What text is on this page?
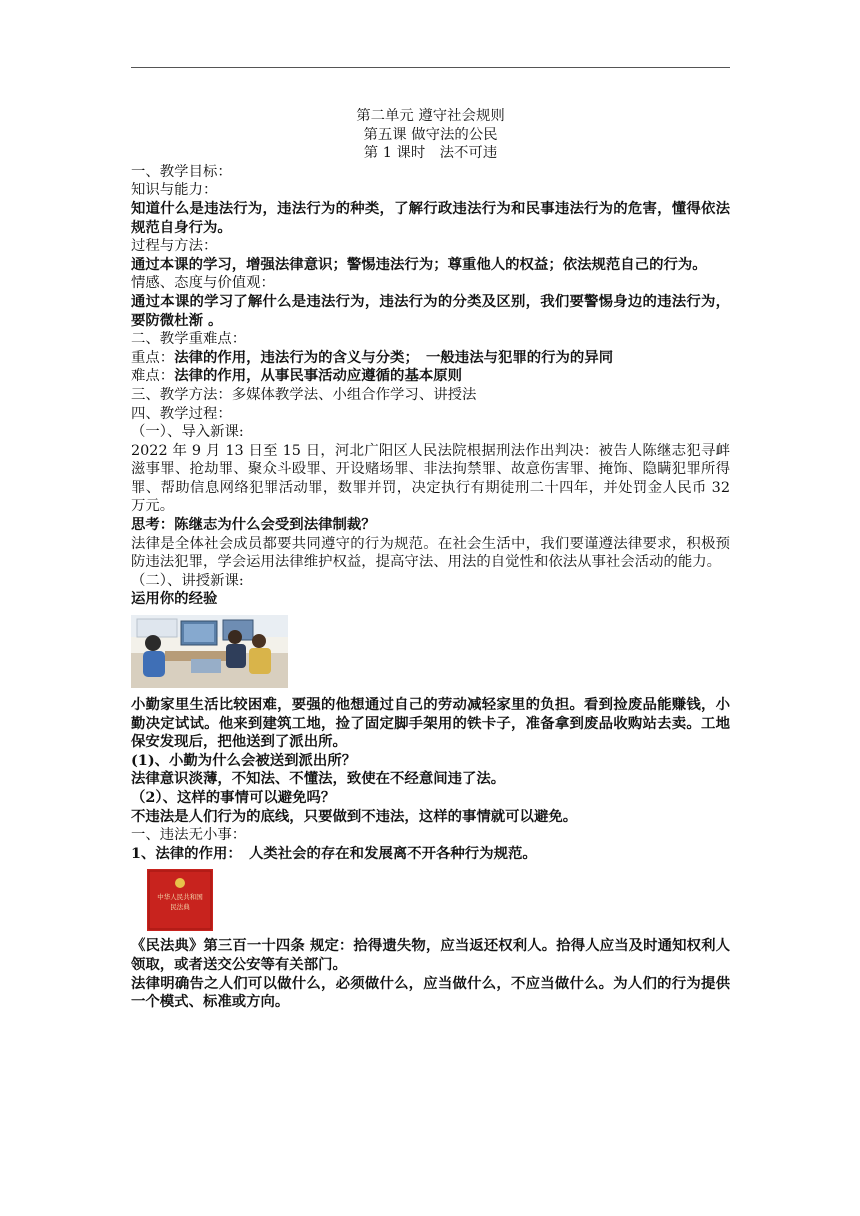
第二单元 遵守社会规则

第五课 做守法的公民

第 1 课时　法不可违

一、教学目标：

知识与能力：

知道什么是违法行为，违法行为的种类，了解行政违法行为和民事违法行为的危害，懂得依法规范自身行为。

过程与方法：

通过本课的学习，增强法律意识；警惕违法行为；尊重他人的权益；依法规范自己的行为。

情感、态度与价值观：

通过本课的学习了解什么是违法行为，违法行为的分类及区别，我们要警惕身边的违法行为，要防微杜渐 。

二、教学重难点：

重点：法律的作用，违法行为的含义与分类；　一般违法与犯罪的行为的异同

难点：法律的作用，从事民事活动应遵循的基本原则

三、教学方法：多媒体教学法、小组合作学习、讲授法

四、教学过程：

（一）、导入新课:

2022 年 9 月 13 日至 15 日，河北广阳区人民法院根据刑法作出判决：被告人陈继志犯寻衅滋事罪、抢劫罪、聚众斗殴罪、开设赌场罪、非法拘禁罪、故意伤害罪、掩饰、隐瞒犯罪所得罪、帮助信息网络犯罪活动罪，数罪并罚，决定执行有期徒刑二十四年，并处罚金人民币 32 万元。

思考：陈继志为什么会受到法律制裁？

法律是全体社会成员都要共同遵守的行为规范。在社会生活中，我们要谨遵法律要求，积极预防违法犯罪，学会运用法律维护权益，提高守法、用法的自觉性和依法从事社会活动的能力。

（二）、讲授新课:

运用你的经验

小勤家里生活比较困难，要强的他想通过自己的劳动减轻家里的负担。看到捡废品能赚钱，小勤决定试试。他来到建筑工地，捡了固定脚手架用的铁卡子，准备拿到废品收购站去卖。工地保安发现后，把他送到了派出所。

(1)、小勤为什么会被送到派出所？

法律意识淡薄，不知法、不懂法，致使在不经意间违了法。

（2）、这样的事情可以避免吗？

不违法是人们行为的底线，只要做到不违法，这样的事情就可以避免。

一、违法无小事：

1、法律的作用：　人类社会的存在和发展离不开各种行为规范。

中华人民共和国
民法典

《民法典》第三百一十四条 规定：拾得遗失物，应当返还权利人。拾得人应当及时通知权利人领取，或者送交公安等有关部门。

法律明确告之人们可以做什么，必须做什么，应当做什么，不应当做什么。为人们的行为提供一个模式、标准或方向。
